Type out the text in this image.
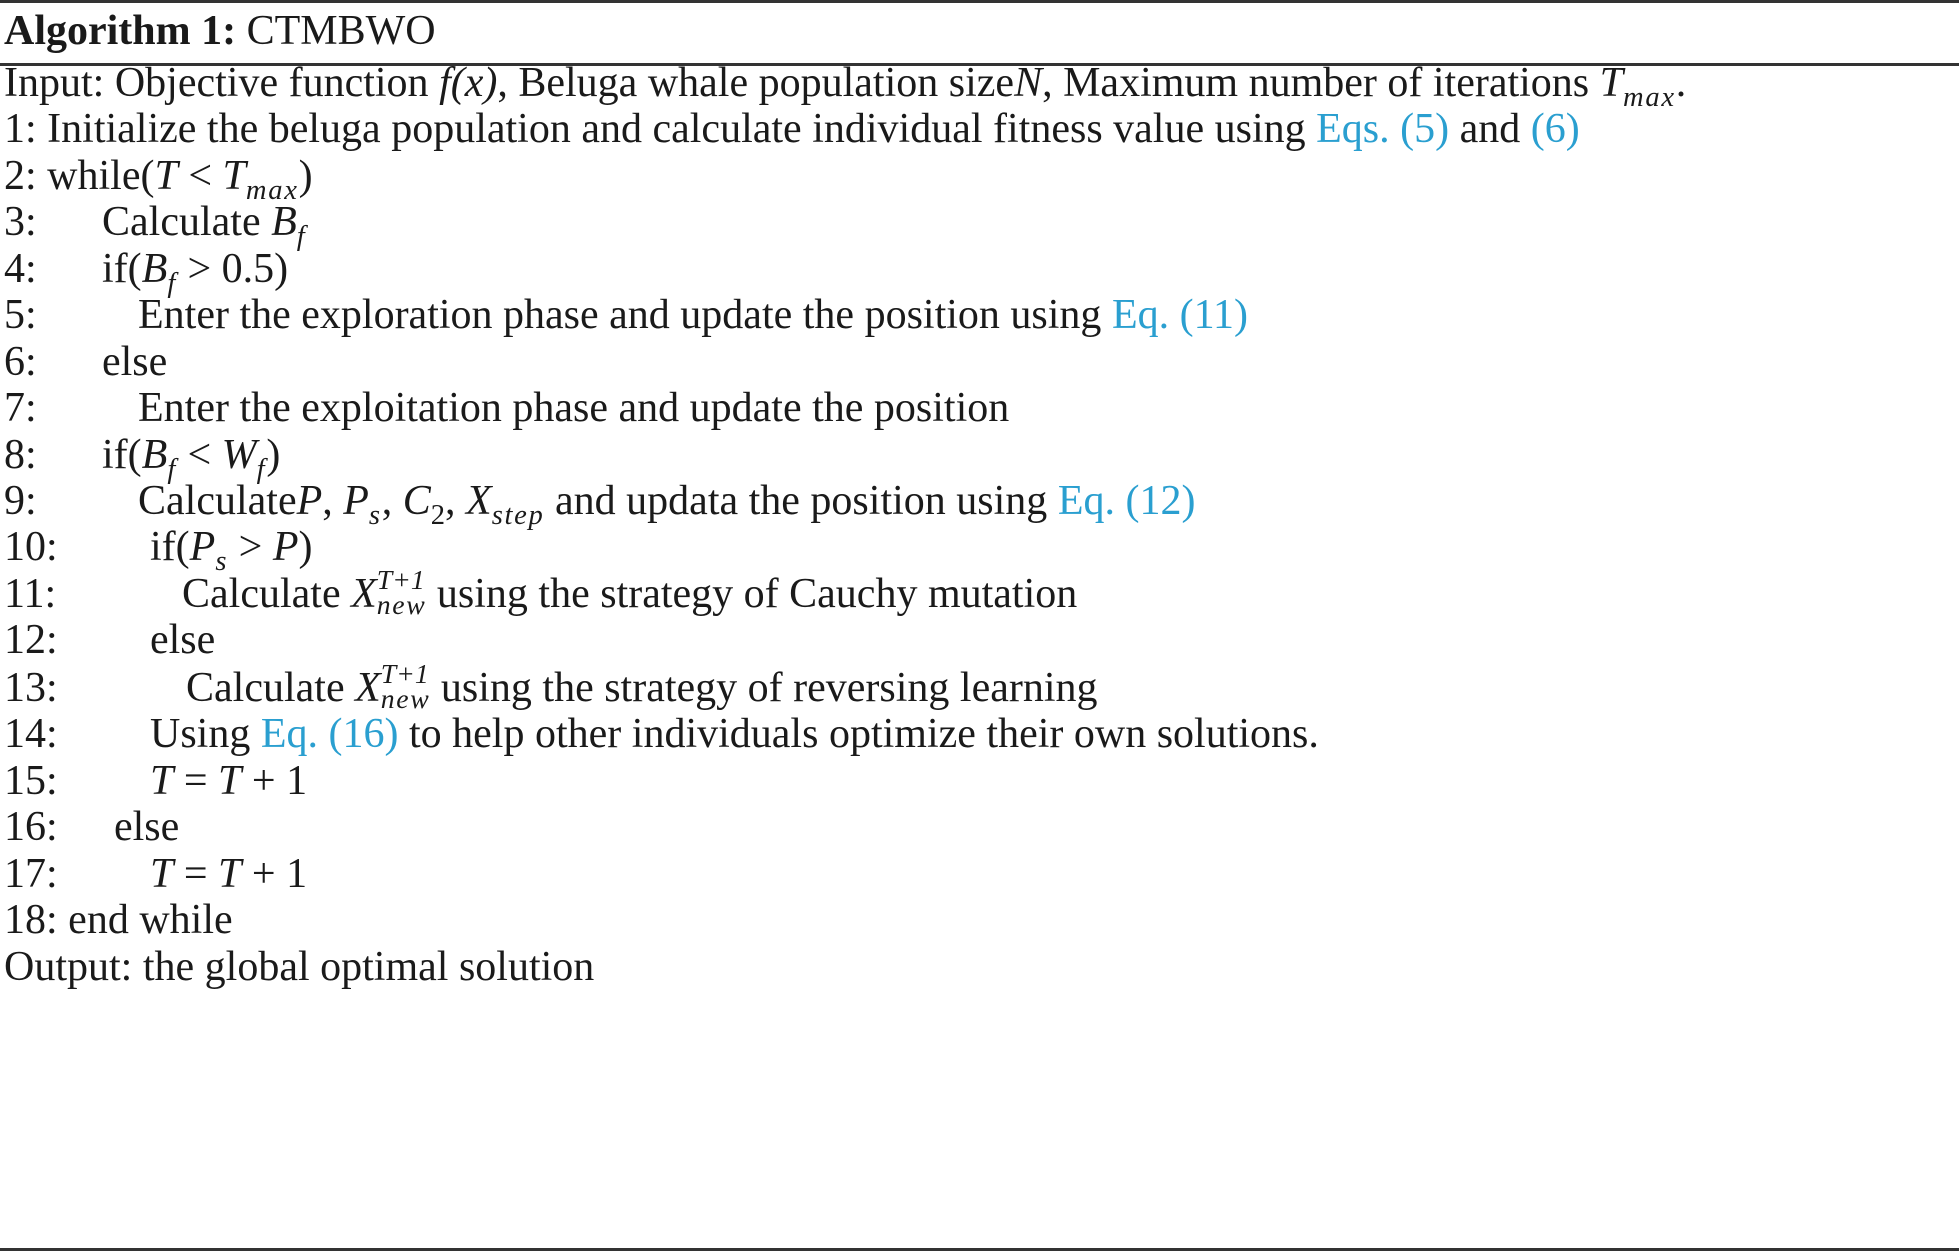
Algorithm 1: CTMBWO
Input: Objective function f(x), Beluga whale population sizeN, Maximum number of iterations $T_{max}$.
1: Initialize the beluga population and calculate individual fitness value using Eqs. (5) and (6)
2: while(T < $T_{max}$)
3: Calculate $B_f$
4: $if(B_f > 0.5)$
5: Enter the exploration phase and update the position using Eq. (11)
6: else
7: Enter the exploitation phase and update the position
8: $if(B_f < W_f)$
9: CalculateP, $P_s$, $C_2$, $X_{step}$ and updata the position using Eq. (12)
10: $if(P_s > P)$
11:	Calculate X T+1
new using the strategy of Cauchy mutation
12: else
13:	Calculate X T+1
new using the strategy of reversing learning
14: Using Eq. (16) to help other individuals optimize their own solutions.
15: T = T + 1
16: else
17: T = T + 1
18: end while
Output: the global optimal solution
